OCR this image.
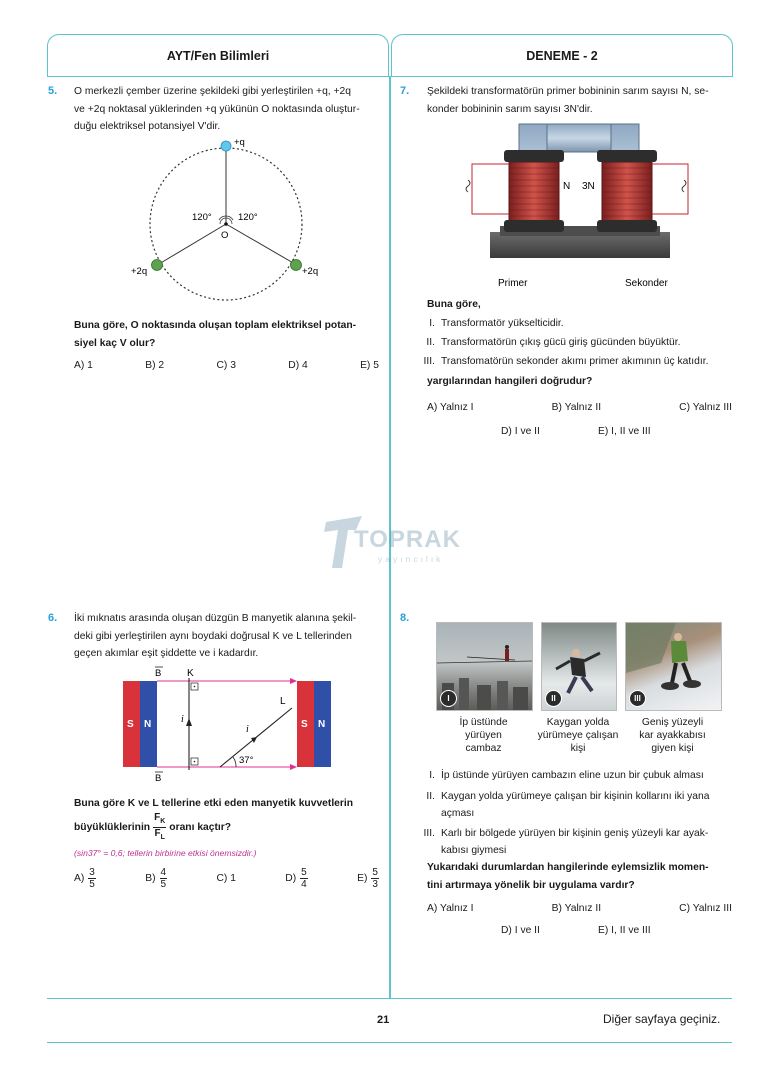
AYT/Fen Bilimleri	DENEME - 2
5. O merkezli çember üzerine şekildeki gibi yerleştirilen +q, +2q
ve +2q noktasal yüklerinden +q yükünün O noktasında oluştur-
duğu elektriksel potansiyel V'dir.
+q
+2q	+2q
O
120°	120°
Buna göre, O noktasında oluşan toplam elektriksel potan-
siyel kaç V olur?
A) 1	B) 2	C) 3	D) 4	E) 5
7. Şekildeki transformatörün primer bobininin sarım sayısı N, se-
konder bobininin sarım sayısı 3N'dir.
N 3N
Primer	Sekonder
Buna göre,
I. Transformatör yükselticidir.
II. Transformatörün çıkış gücü giriş gücünden büyüktür.
III. Transfomatörün sekonder akımı primer akımının üç katıdır.
yargılarından hangileri doğrudur?
A) Yalnız I	B) Yalnız II	C) Yalnız III
D) I ve II	E) I, II ve III
TOPRAK
yayıncılık
6. İki mıknatıs arasında oluşan düzgün B manyetik alanına şekil-
deki gibi yerleştirilen aynı boydaki doğrusal K ve L tellerinden
geçen akımlar eşit şiddette ve i kadardır.
S N	S N
B
B
K
i
L
i
37°
Buna göre K ve L tellerine etki eden manyetik kuvvetlerin
büyüklüklerinin $\frac{F_K}{F_L}$ oranı kaçtır?
(sin37° = 0,6; tellerin birbirine etkisi önemsizdir.)
$A) \frac{3}{5}$	$B) \frac{4}{5}$	C) 1	$D) \frac{5}{4}$	$E) \frac{5}{3}$
8.
I	II	III
İp üstünde
yürüyen
cambaz
Kaygan yolda
yürümeye çalışan
kişi
Geniş yüzeyli
kar ayakkabısı
giyen kişi
I. İp üstünde yürüyen cambazın eline uzun bir çubuk alması
II. Kaygan yolda yürümeye çalışan bir kişinin kollarını iki yana
açması
III. Karlı bir bölgede yürüyen bir kişinin geniş yüzeyli kar ayak-
kabısı giymesi
Yukarıdaki durumlardan hangilerinde eylemsizlik momen-
tini artırmaya yönelik bir uygulama vardır?
A) Yalnız I	B) Yalnız II	C) Yalnız III
D) I ve II	E) I, II ve III
21	Diğer sayfaya geçiniz.
